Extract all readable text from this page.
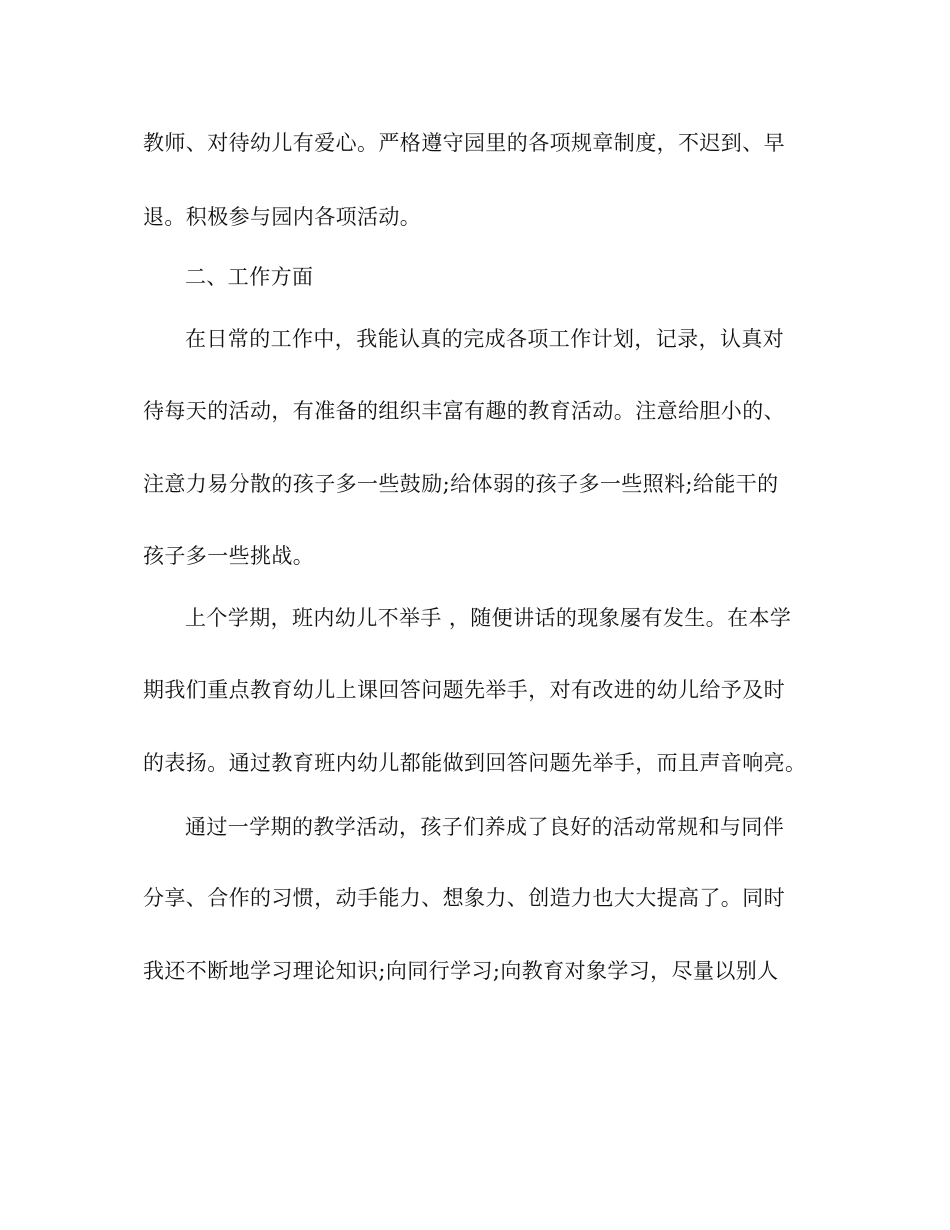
教师、对待幼儿有爱心。严格遵守园里的各项规章制度，不迟到、早
退。积极参与园内各项活动。
二、工作方面
在日常的工作中，我能认真的完成各项工作计划，记录，认真对
待每天的活动，有准备的组织丰富有趣的教育活动。注意给胆小的、
注意力易分散的孩子多一些鼓励;给体弱的孩子多一些照料;给能干的
孩子多一些挑战。
上个学期，班内幼儿不举手 ，随便讲话的现象屡有发生。在本学
期我们重点教育幼儿上课回答问题先举手，对有改进的幼儿给予及时
的表扬。通过教育班内幼儿都能做到回答问题先举手，而且声音响亮。
通过一学期的教学活动，孩子们养成了良好的活动常规和与同伴
分享、合作的习惯，动手能力、想象力、创造力也大大提高了。同时
我还不断地学习理论知识;向同行学习;向教育对象学习，尽量以别人
